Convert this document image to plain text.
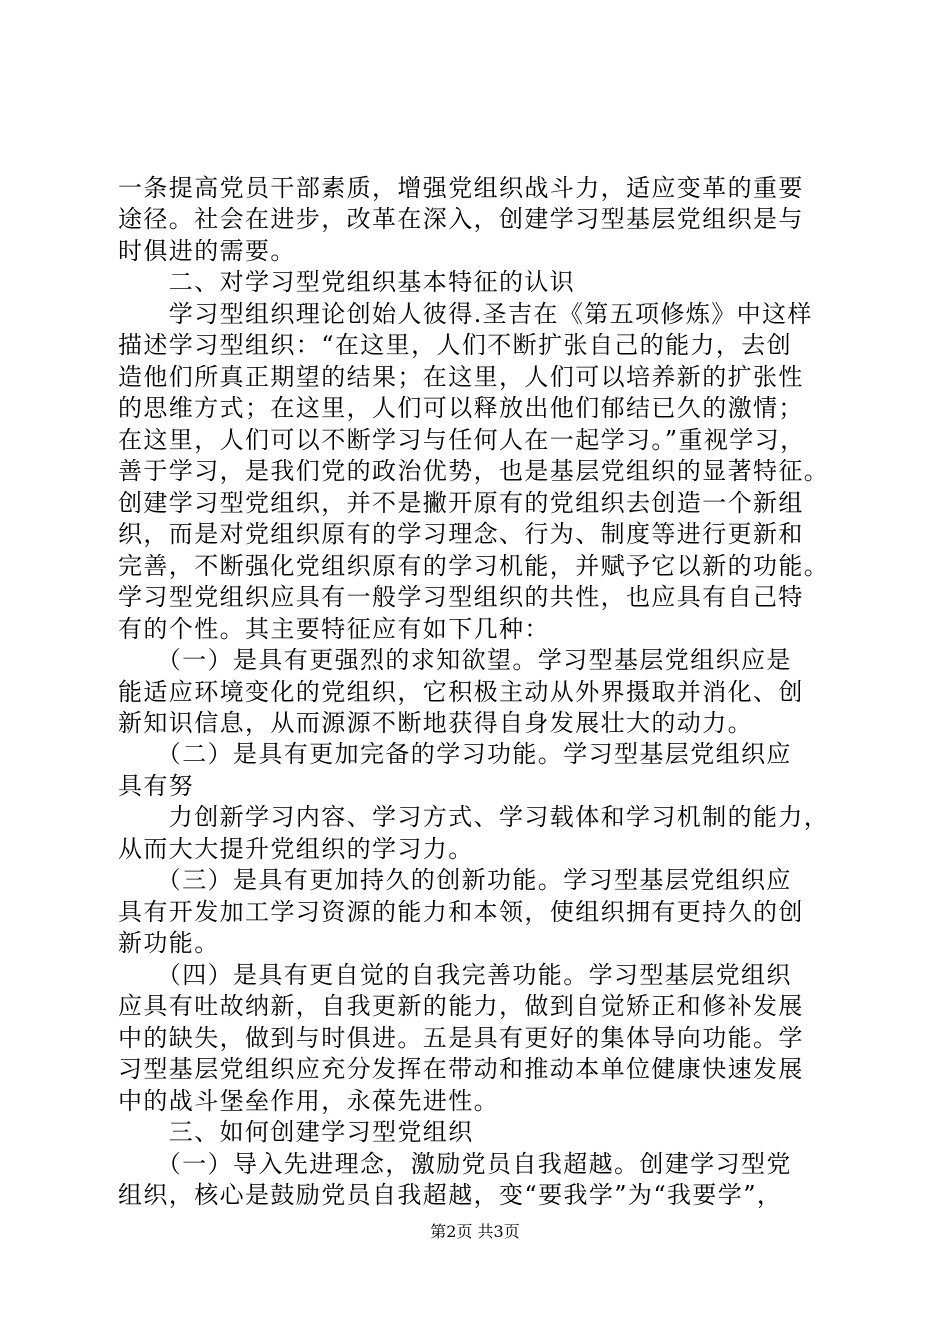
一条提高党员干部素质，增强党组织战斗力，适应变革的重要
途径。社会在进步，改革在深入，创建学习型基层党组织是与
时俱进的需要。
　　二、对学习型党组织基本特征的认识
　　学习型组织理论创始人彼得.圣吉在《第五项修炼》中这样
描述学习型组织：“在这里，人们不断扩张自己的能力，去创
造他们所真正期望的结果；在这里，人们可以培养新的扩张性
的思维方式；在这里，人们可以释放出他们郁结已久的激情；
在这里，人们可以不断学习与任何人在一起学习。”重视学习，
善于学习，是我们党的政治优势，也是基层党组织的显著特征。
创建学习型党组织，并不是撇开原有的党组织去创造一个新组
织，而是对党组织原有的学习理念、行为、制度等进行更新和
完善，不断强化党组织原有的学习机能，并赋予它以新的功能。
学习型党组织应具有一般学习型组织的共性，也应具有自己特
有的个性。其主要特征应有如下几种：
　　（一）是具有更强烈的求知欲望。学习型基层党组织应是
能适应环境变化的党组织，它积极主动从外界摄取并消化、创
新知识信息，从而源源不断地获得自身发展壮大的动力。
　　（二）是具有更加完备的学习功能。学习型基层党组织应
具有努
　　力创新学习内容、学习方式、学习载体和学习机制的能力，
从而大大提升党组织的学习力。
　　（三）是具有更加持久的创新功能。学习型基层党组织应
具有开发加工学习资源的能力和本领，使组织拥有更持久的创
新功能。
　　（四）是具有更自觉的自我完善功能。学习型基层党组织
应具有吐故纳新，自我更新的能力，做到自觉矫正和修补发展
中的缺失，做到与时俱进。五是具有更好的集体导向功能。学
习型基层党组织应充分发挥在带动和推动本单位健康快速发展
中的战斗堡垒作用，永葆先进性。
　　三、如何创建学习型党组织
　　（一）导入先进理念，激励党员自我超越。创建学习型党
组织，核心是鼓励党员自我超越，变“要我学”为“我要学”，
第2页 共3页
